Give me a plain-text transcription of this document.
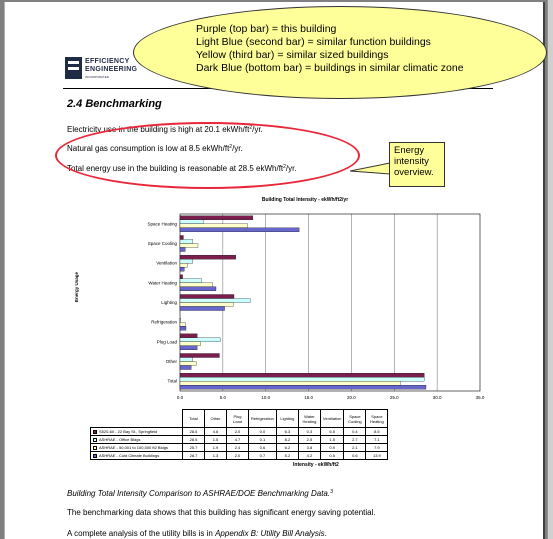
EFFICIENCY
ENGINEERING
INCORPORATED
2.4 Benchmarking
Electricity use in the building is high at 20.1 ekWh/$ft^2/yr$.
Natural gas consumption is low at 8.5 ekWh/$ft^2/yr$.
Total energy use in the building is reasonable at 28.5 ekWh/$ft^2/yr$.
Energy
intensity
overview.
Building Total Intensity - ekWh/ft2/yr
Energy Usage
0.0	5.0	10.0	15.0	20.0	25.0	30.0	35.0
Space Heating
Space Cooling
Ventilation
Water Heating
Lighting
Refrigeration
Plug Load
Other
Total
	Total	Other	Plug Load	Refrigeration	Lighting	Water Heating	Ventilation	Space Cooling	Space Heating
S520-60 - 22 Bay St., Springfield	28.5	4.6	2.0	0.0	6.3	0.3	6.5	0.4	8.5
ASHRAE - Office Bldgs	28.5	1.5	4.7	0.1	8.2	2.5	1.5	2.7	7.1
ASHRAE - 50,001 to 100,000 ft2 Bldgs	25.7	1.9	2.4	0.6	6.2	3.8	0.9	2.1	7.9
ASHRAE - Cold Climate Buildings	28.7	1.3	2.0	0.7	5.2	4.2	0.5	0.6	13.9
Intensity - ekWh/ft2
Building Total Intensity Comparison to ASHRAE/DOE Benchmarking Data.$^3$
The benchmarking data shows that this building has significant energy saving potential.
A complete analysis of the utility bills is in Appendix B: Utility Bill Analysis.
Purple (top bar) = this building
Light Blue (second bar) = similar function buildings
Yellow (third bar) = similar sized buildings
Dark Blue (bottom bar) = buildings in similar climatic zone
